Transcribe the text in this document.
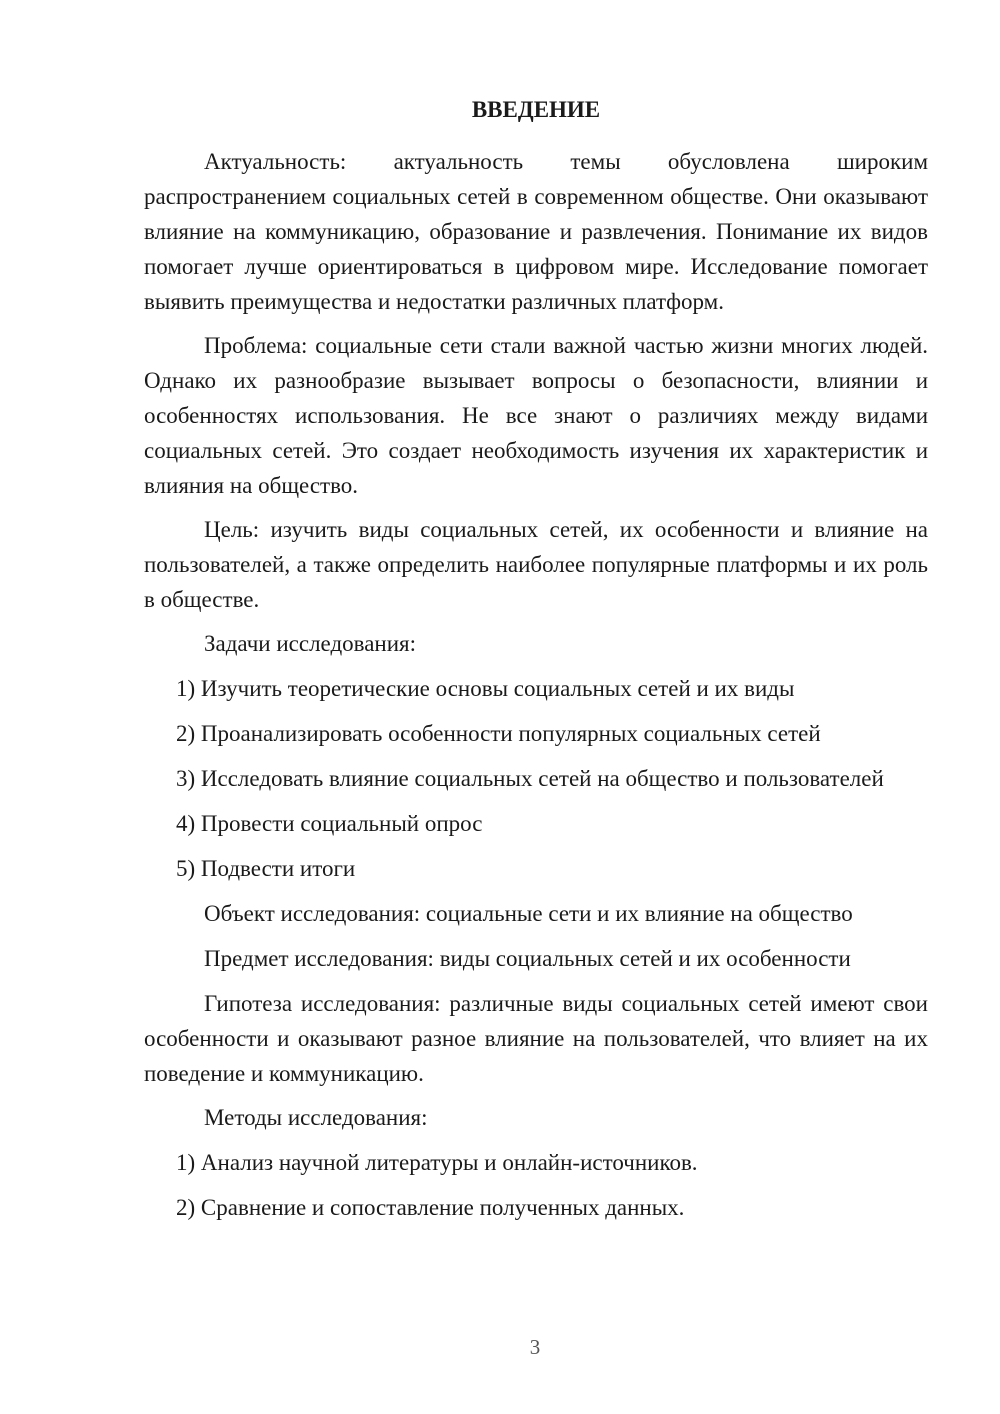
ВВЕДЕНИЕ

Актуальность: актуальность темы обусловлена широким распространением социальных сетей в современном обществе. Они оказывают влияние на коммуникацию, образование и развлечения. Понимание их видов помогает лучше ориентироваться в цифровом мире. Исследование помогает выявить преимущества и недостатки различных платформ.

Проблема: социальные сети стали важной частью жизни многих людей. Однако их разнообразие вызывает вопросы о безопасности, влиянии и особенностях использования. Не все знают о различиях между видами социальных сетей. Это создает необходимость изучения их характеристик и влияния на общество.

Цель: изучить виды социальных сетей, их особенности и влияние на пользователей, а также определить наиболее популярные платформы и их роль в обществе.

Задачи исследования:

1) Изучить теоретические основы социальных сетей и их виды

2) Проанализировать особенности популярных социальных сетей

3) Исследовать влияние социальных сетей на общество и пользователей

4) Провести социальный опрос

5) Подвести итоги

Объект исследования: социальные сети и их влияние на общество

Предмет исследования: виды социальных сетей и их особенности

Гипотеза исследования: различные виды социальных сетей имеют свои особенности и оказывают разное влияние на пользователей, что влияет на их поведение и коммуникацию.

Методы исследования:

1) Анализ научной литературы и онлайн-источников.

2) Сравнение и сопоставление полученных данных.

3
